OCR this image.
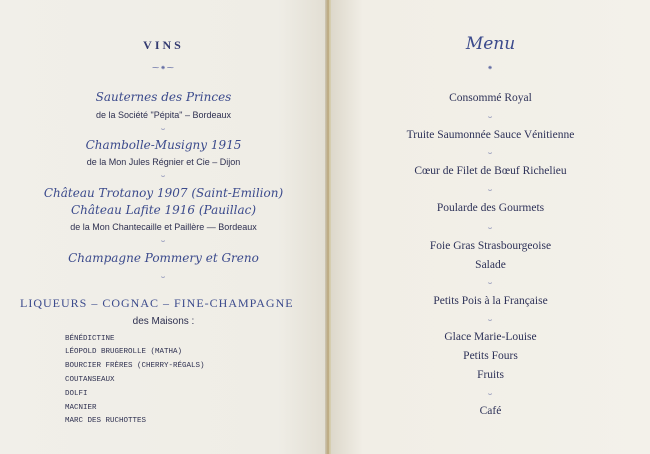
VINS
⁓⁕⁓
Sauternes des Princes
de la Société "Pépita" – Bordeaux
⌣
Chambolle-Musigny 1915
de la Mon Jules Régnier et Cie – Dijon
⌣
Château Trotanoy 1907 (Saint-Emilion)
Château Lafite 1916 (Pauillac)
de la Mon Chantecaille et Paillère — Bordeaux
⌣
Champagne Pommery et Greno
⌣
LIQUEURS – COGNAC – FINE-CHAMPAGNE
des Maisons :
BÉNÉDICTINE
LÉOPOLD BRUGEROLLE (MATHA)
BOURCIER FRÈRES (CHERRY-RÉGALS)
COUTANSEAUX
DOLFI
MACNIER
MARC DES RUCHOTTES
Menu
⁕
Consommé Royal
⌣
Truite Saumonnée Sauce Vénitienne
⌣
Cœur de Filet de Bœuf Richelieu
⌣
Poularde des Gourmets
⌣
Foie Gras Strasbourgeoise
Salade
⌣
Petits Pois à la Française
⌣
Glace Marie-Louise
Petits Fours
Fruits
⌣
Café
